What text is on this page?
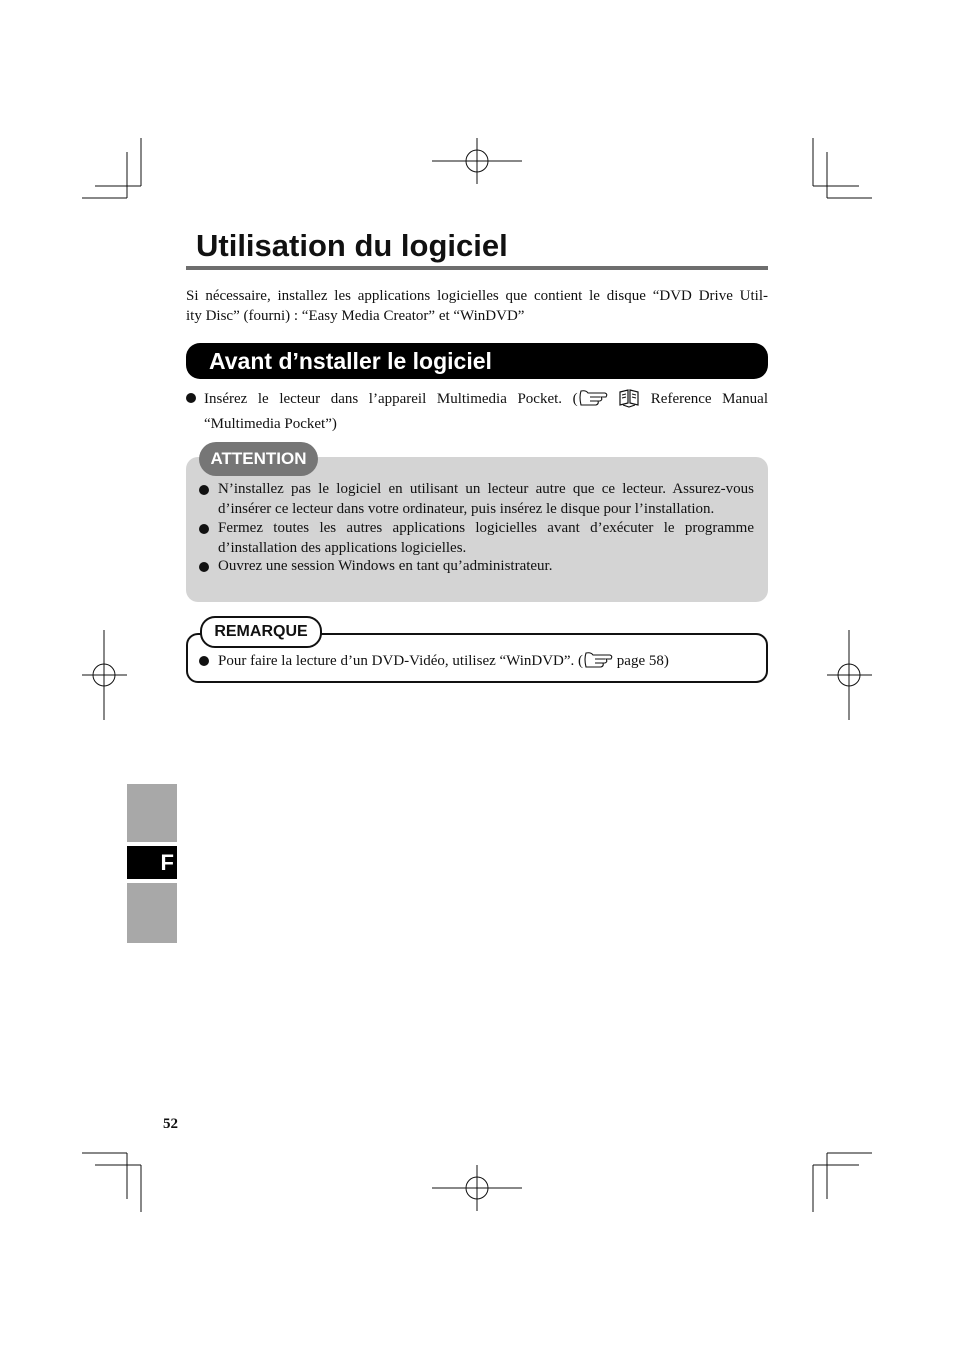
Utilisation du logiciel
Si nécessaire, installez les applications logicielles que contient le disque “DVD Drive Util-
ity Disc” (fourni) : “Easy Media Creator” et “WinDVD”
Avant d’nstaller le logiciel
Insérez le lecteur dans l’appareil Multimedia Pocket. (	Reference Manual
“Multimedia Pocket”)
ATTENTION
N’installez pas le logiciel en utilisant un lecteur autre que ce lecteur. Assurez-vous
d’insérer ce lecteur dans votre ordinateur, puis insérez le disque pour l’installation.
Fermez toutes les autres applications logicielles avant d’exécuter le programme
d’installation des applications logicielles.
Ouvrez une session Windows en tant qu’administrateur.
REMARQUE
Pour faire la lecture d’un DVD-Vidéo, utilisez “WinDVD”. ( page 58)
F
52
